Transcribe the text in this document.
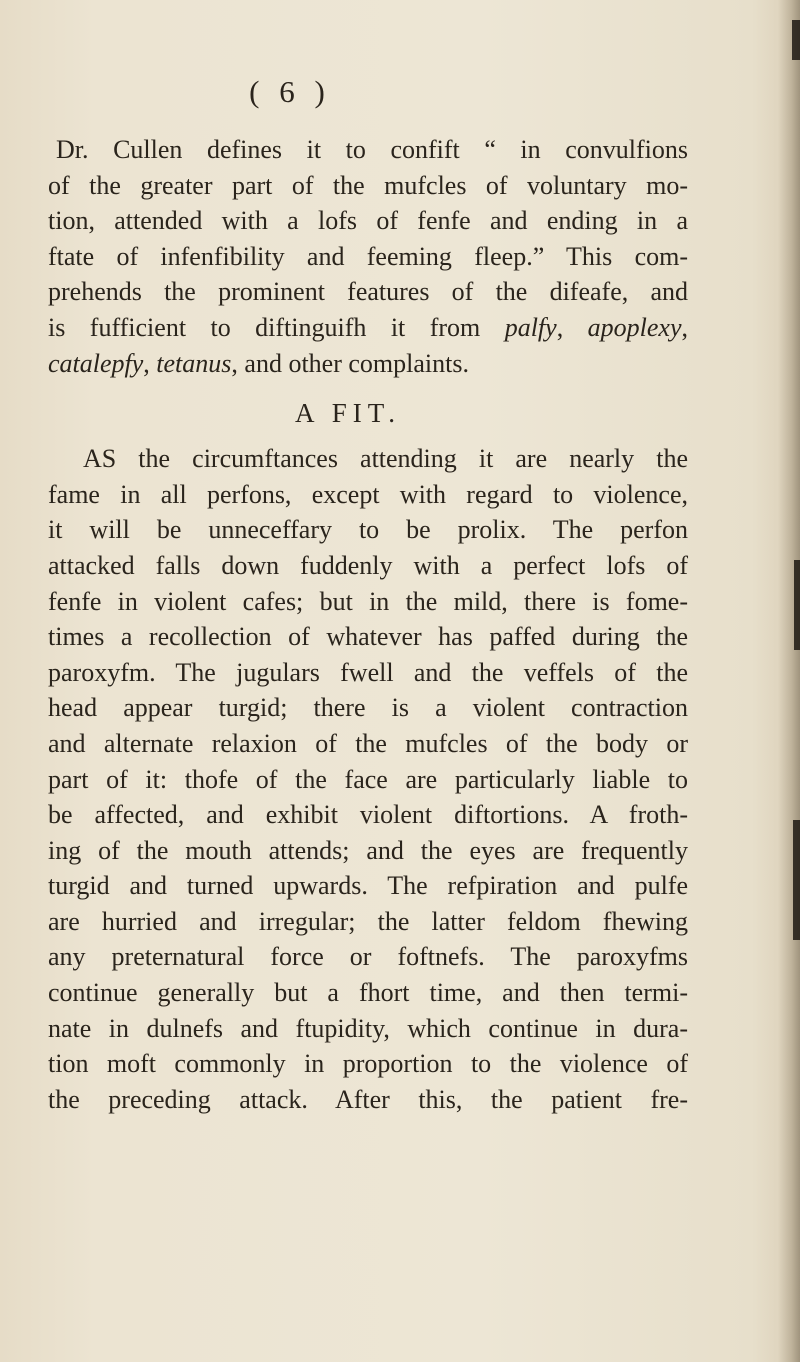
( 6 )
Dr. Cullen defines it to confift “ in convulfions
of the greater part of the mufcles of voluntary mo-
tion, attended with a lofs of fenfe and ending in a
ftate of infenfibility and feeming fleep.” This com-
prehends the prominent features of the difeafe, and
is fufficient to diftinguifh it from palfy, apoplexy,
catalepfy, tetanus, and other complaints.
A FIT.
AS the circumftances attending it are nearly the
fame in all perfons, except with regard to violence,
it will be unneceffary to be prolix. The perfon
attacked falls down fuddenly with a perfect lofs of
fenfe in violent cafes; but in the mild, there is fome-
times a recollection of whatever has paffed during the
paroxyfm. The jugulars fwell and the veffels of the
head appear turgid; there is a violent contraction
and alternate relaxion of the mufcles of the body or
part of it: thofe of the face are particularly liable to
be affected, and exhibit violent diftortions. A froth-
ing of the mouth attends; and the eyes are frequently
turgid and turned upwards. The refpiration and pulfe
are hurried and irregular; the latter feldom fhewing
any preternatural force or foftnefs. The paroxyfms
continue generally but a fhort time, and then termi-
nate in dulnefs and ftupidity, which continue in dura-
tion moft commonly in proportion to the violence of
the preceding attack. After this, the patient fre-
